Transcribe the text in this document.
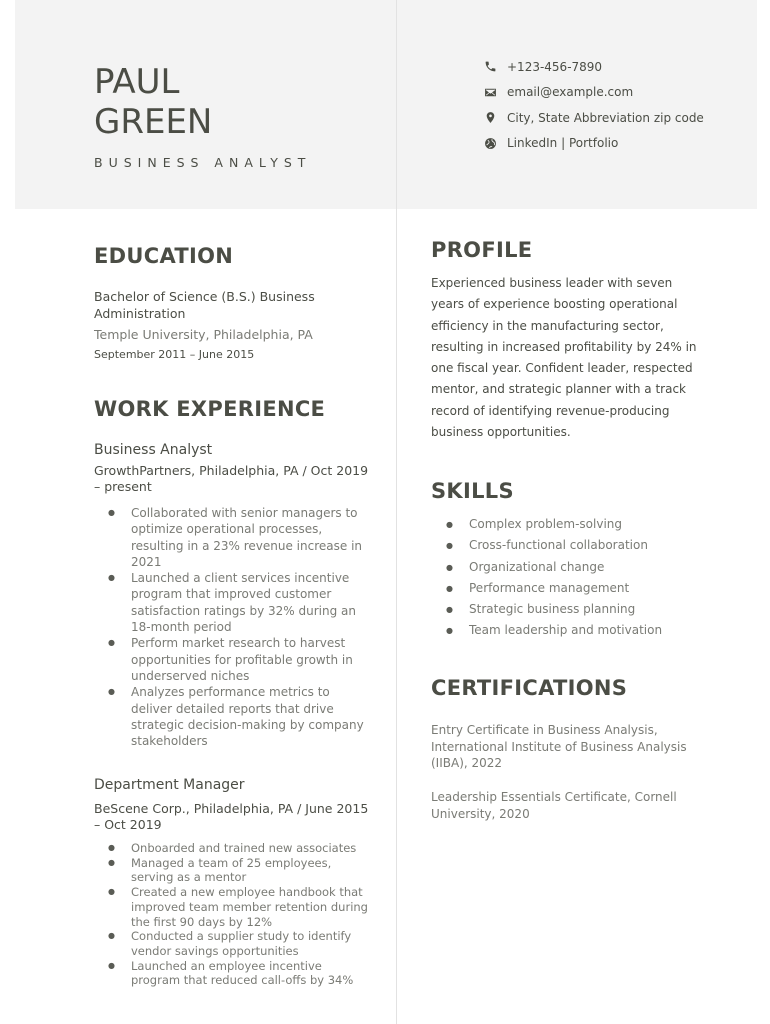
PAUL
GREEN
BUSINESS ANALYST
+123-456-7890
email@example.com
City, State Abbreviation zip code
LinkedIn | Portfolio
EDUCATION
Bachelor of Science (B.S.) Business Administration
Temple University, Philadelphia, PA
September 2011 – June 2015
WORK EXPERIENCE
Business Analyst
GrowthPartners, Philadelphia, PA / Oct 2019 – present
● Collaborated with senior managers to optimize operational processes, resulting in a 23% revenue increase in 2021
● Launched a client services incentive program that improved customer satisfaction ratings by 32% during an 18-month period
● Perform market research to harvest opportunities for profitable growth in underserved niches
● Analyzes performance metrics to deliver detailed reports that drive strategic decision-making by company stakeholders
Department Manager
BeScene Corp., Philadelphia, PA / June 2015 – Oct 2019
● Onboarded and trained new associates
● Managed a team of 25 employees, serving as a mentor
● Created a new employee handbook that improved team member retention during the first 90 days by 12%
● Conducted a supplier study to identify vendor savings opportunities
● Launched an employee incentive program that reduced call-offs by 34%
PROFILE
Experienced business leader with seven years of experience boosting operational efficiency in the manufacturing sector, resulting in increased profitability by 24% in one fiscal year. Confident leader, respected mentor, and strategic planner with a track record of identifying revenue-producing business opportunities.
SKILLS
● Complex problem-solving
● Cross-functional collaboration
● Organizational change
● Performance management
● Strategic business planning
● Team leadership and motivation
CERTIFICATIONS
Entry Certificate in Business Analysis, International Institute of Business Analysis (IIBA), 2022
Leadership Essentials Certificate, Cornell University, 2020
